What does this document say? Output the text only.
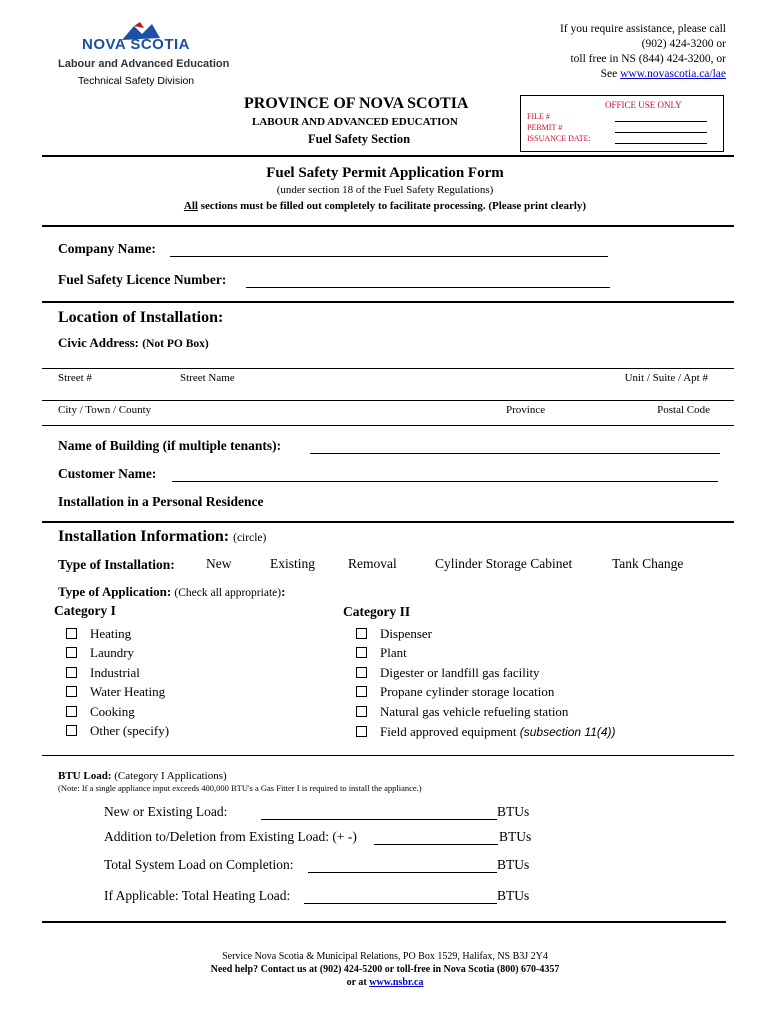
NOVA SCOTIA
Labour and Advanced Education
Technical Safety Division
If you require assistance, please call
(902) 424-3200 or
toll free in NS (844) 424-3200, or
See www.novascotia.ca/lae
PROVINCE OF NOVA SCOTIA
LABOUR AND ADVANCED EDUCATION
Fuel Safety Section
OFFICE USE ONLY
FILE #
PERMIT #
ISSUANCE DATE:
Fuel Safety Permit Application Form
(under section 18 of the Fuel Safety Regulations)
All sections must be filled out completely to facilitate processing. (Please print clearly)
Company Name:
Fuel Safety Licence Number:
Location of Installation:
Civic Address: (Not PO Box)
Street #	Street Name	Unit / Suite / Apt #
City / Town / County	Province	Postal Code
Name of Building (if multiple tenants):
Customer Name:
Installation in a Personal Residence
Installation Information: (circle)
Type of Installation: New	Existing Removal	Cylinder Storage Cabinet	Tank Change
Type of Application: (Check all appropriate):
Category I	Category II
Heating
Laundry
Industrial
Water Heating
Cooking
Other (specify)
Dispenser
Plant
Digester or landfill gas facility
Propane cylinder storage location
Natural gas vehicle refueling station
Field approved equipment (subsection 11(4))
BTU Load: (Category I Applications)
(Note: If a single appliance input exceeds 400,000 BTU's a Gas Fitter I is required to install the appliance.)
New or Existing Load:	BTUs
Addition to/Deletion from Existing Load: (+ -)	BTUs
Total System Load on Completion:	BTUs
If Applicable: Total Heating Load:	BTUs
Service Nova Scotia & Municipal Relations, PO Box 1529, Halifax, NS B3J 2Y4
Need help? Contact us at (902) 424-5200 or toll-free in Nova Scotia (800) 670-4357
or at www.nsbr.ca
